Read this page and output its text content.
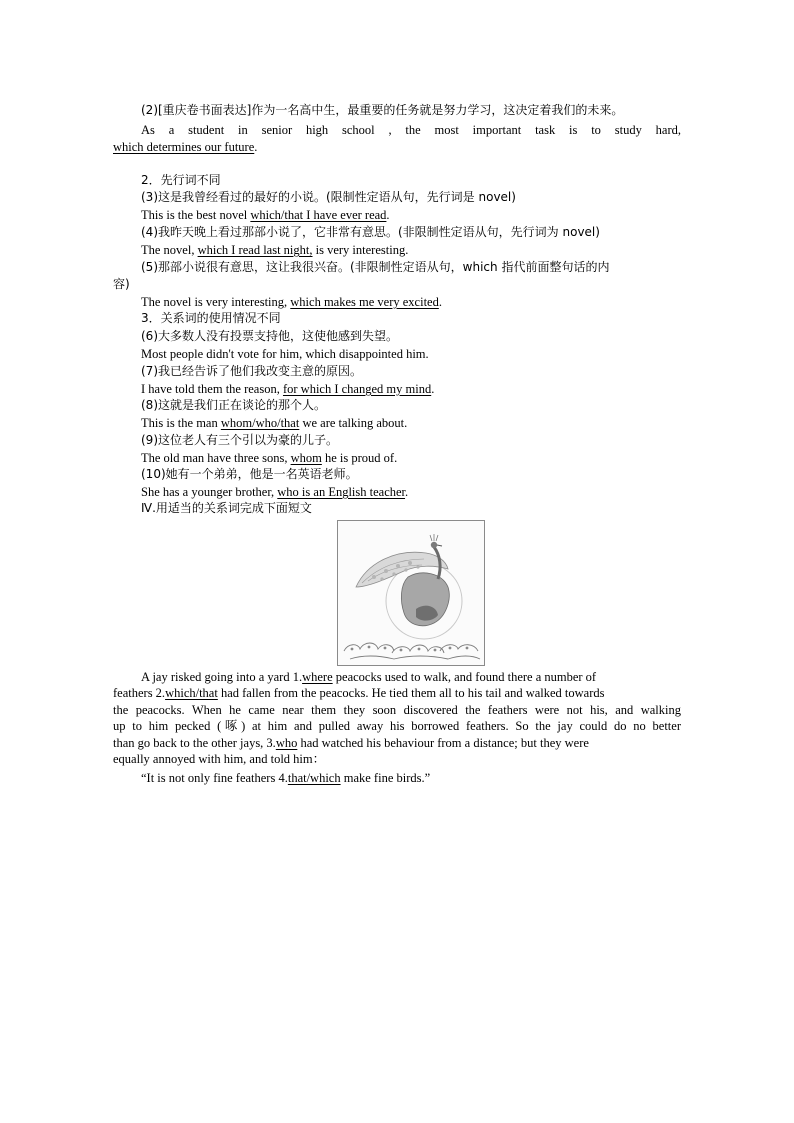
(2)[重庆卷书面表达]作为一名高中生，最重要的任务就是努力学习，这决定着我们的未来。
As a student in senior high school , the most important task is to study hard,
which determines our future.
2．先行词不同
(3)这是我曾经看过的最好的小说。(限制性定语从句，先行词是 novel)
This is the best novel which/that I have ever read.
(4)我昨天晚上看过那部小说了，它非常有意思。(非限制性定语从句，先行词为 novel)
The novel, which I read last night, is very interesting.
(5)那部小说很有意思，这让我很兴奋。(非限制性定语从句，which 指代前面整句话的内
容)
The novel is very interesting, which makes me very excited.
3．关系词的使用情况不同
(6)大多数人没有投票支持他，这使他感到失望。
Most people didn't vote for him, which disappointed him.
(7)我已经告诉了他们我改变主意的原因。
I have told them the reason, for which I changed my mind.
(8)这就是我们正在谈论的那个人。
This is the man whom/who/that we are talking about.
(9)这位老人有三个引以为豪的儿子。
The old man have three sons, whom he is proud of.
(10)她有一个弟弟，他是一名英语老师。
She has a younger brother, who is an English teacher.
Ⅳ.用适当的关系词完成下面短文
A jay risked going into a yard 1.where peacocks used to walk, and found there a number of
feathers 2.which/that had fallen from the peacocks. He tied them all to his tail and walked towards
the peacocks. When he came near them they soon discovered the feathers were not his, and walking
up to him pecked (啄) at him and pulled away his borrowed feathers. So the jay could do no better
than go back to the other jays, 3.who had watched his behaviour from a distance; but they were
equally annoyed with him, and told him：
“It is not only fine feathers 4.that/which make fine birds.”
